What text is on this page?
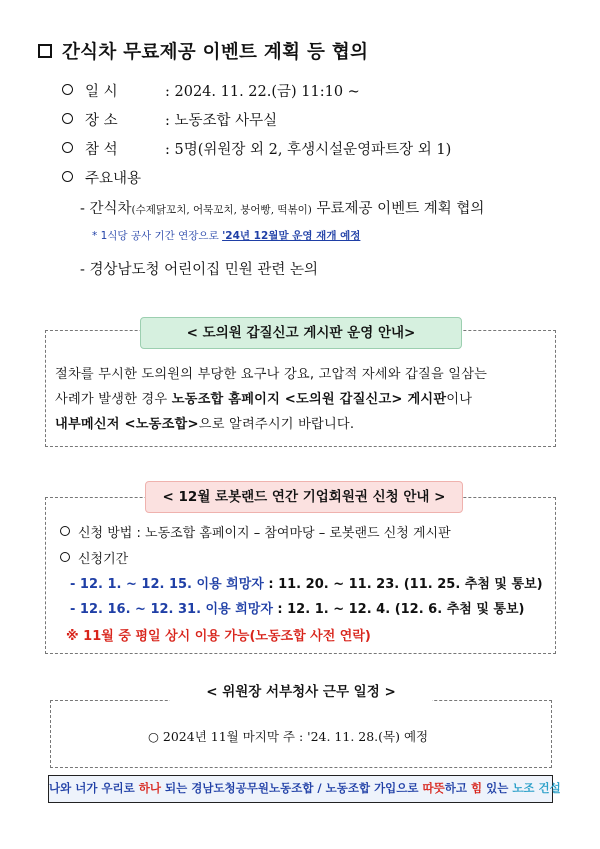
간식차 무료제공 이벤트 계획 등 협의
일 시	: 2024. 11. 22.(금) 11:10 ~
장 소	: 노동조합 사무실
참 석	: 5명(위원장 외 2, 후생시설운영파트장 외 1)
주요내용
- 간식차(수제닭꼬치, 어묵꼬치, 붕어빵, 떡볶이) 무료제공 이벤트 계획 협의
* 1식당 공사 기간 연장으로 '24년 12월말 운영 재개 예정
- 경상남도청 어린이집 민원 관련 논의
< 도의원 갑질신고 게시판 운영 안내>
절차를 무시한 도의원의 부당한 요구나 강요, 고압적 자세와 갑질을 일삼는
사례가 발생한 경우 노동조합 홈페이지 <도의원 갑질신고> 게시판이나
내부메신저 <노동조합>으로 알려주시기 바랍니다.
< 12월 로봇랜드 연간 기업회원권 신청 안내 >
신청 방법 : 노동조합 홈페이지 – 참여마당 – 로봇랜드 신청 게시판
신청기간
- 12. 1. ~ 12. 15. 이용 희망자 : 11. 20. ~ 11. 23. (11. 25. 추첨 및 통보)
- 12. 16. ~ 12. 31. 이용 희망자 : 12. 1. ~ 12. 4. (12. 6. 추첨 및 통보)
※ 11월 중 평일 상시 이용 가능(노동조합 사전 연락)
< 위원장 서부청사 근무 일정 >
○ 2024년 11월 마지막 주 : '24. 11. 28.(목) 예정
나와 너가 우리로 하나 되는 경남도청공무원노동조합 / 노동조합 가입으로 따뜻하고 힘 있는 노조 건설
